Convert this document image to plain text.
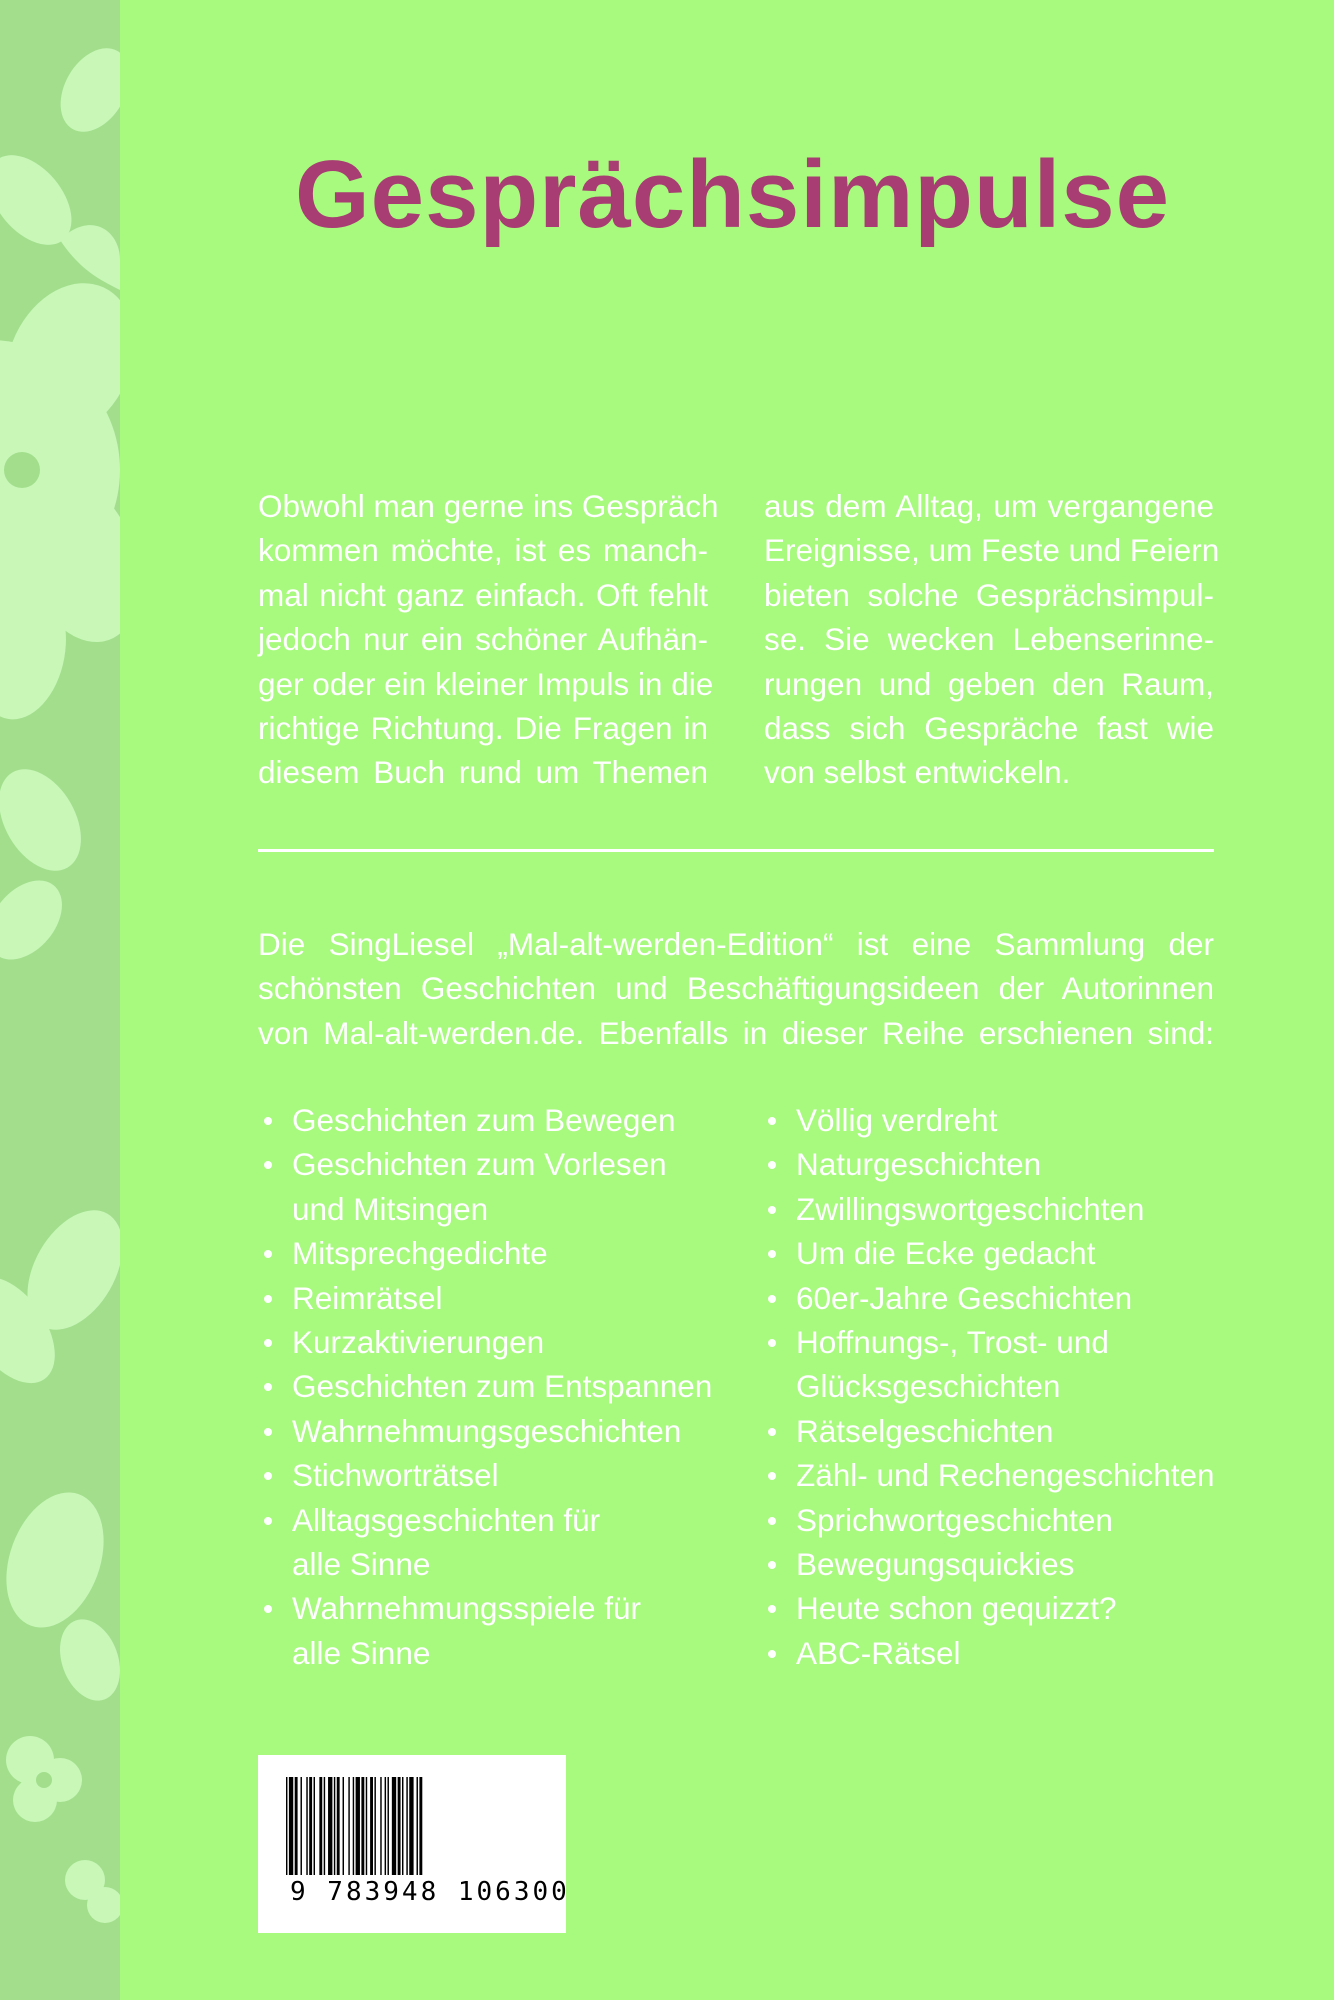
Gesprächsimpulse

Obwohl man gerne ins Gespräch
kommen möchte, ist es manch-
mal nicht ganz einfach. Oft fehlt
jedoch nur ein schöner Aufhän-
ger oder ein kleiner Impuls in die
richtige Richtung. Die Fragen in
diesem Buch rund um Themen

aus dem Alltag, um vergangene
Ereignisse, um Feste und Feiern
bieten solche Gesprächsimpul-
se. Sie wecken Lebenserinne-
rungen und geben den Raum,
dass sich Gespräche fast wie
von selbst entwickeln.

Die SingLiesel „Mal-alt-werden-Edition“ ist eine Sammlung der
schönsten Geschichten und Beschäftigungsideen der Autorinnen
von Mal-alt-werden.de. Ebenfalls in dieser Reihe erschienen sind:

Geschichten zum Bewegen
Geschichten zum Vorlesen
und Mitsingen
Mitsprechgedichte
Reimrätsel
Kurzaktivierungen
Geschichten zum Entspannen
Wahrnehmungsgeschichten
Stichworträtsel
Alltagsgeschichten für
alle Sinne
Wahrnehmungsspiele für
alle Sinne
Völlig verdreht
Naturgeschichten
Zwillingswortgeschichten
Um die Ecke gedacht
60er-Jahre Geschichten
Hoffnungs-, Trost- und
Glücksgeschichten
Rätselgeschichten
Zähl- und Rechengeschichten
Sprichwortgeschichten
Bewegungsquickies
Heute schon gequizzt?
ABC-Rätsel
9 783948 106300
